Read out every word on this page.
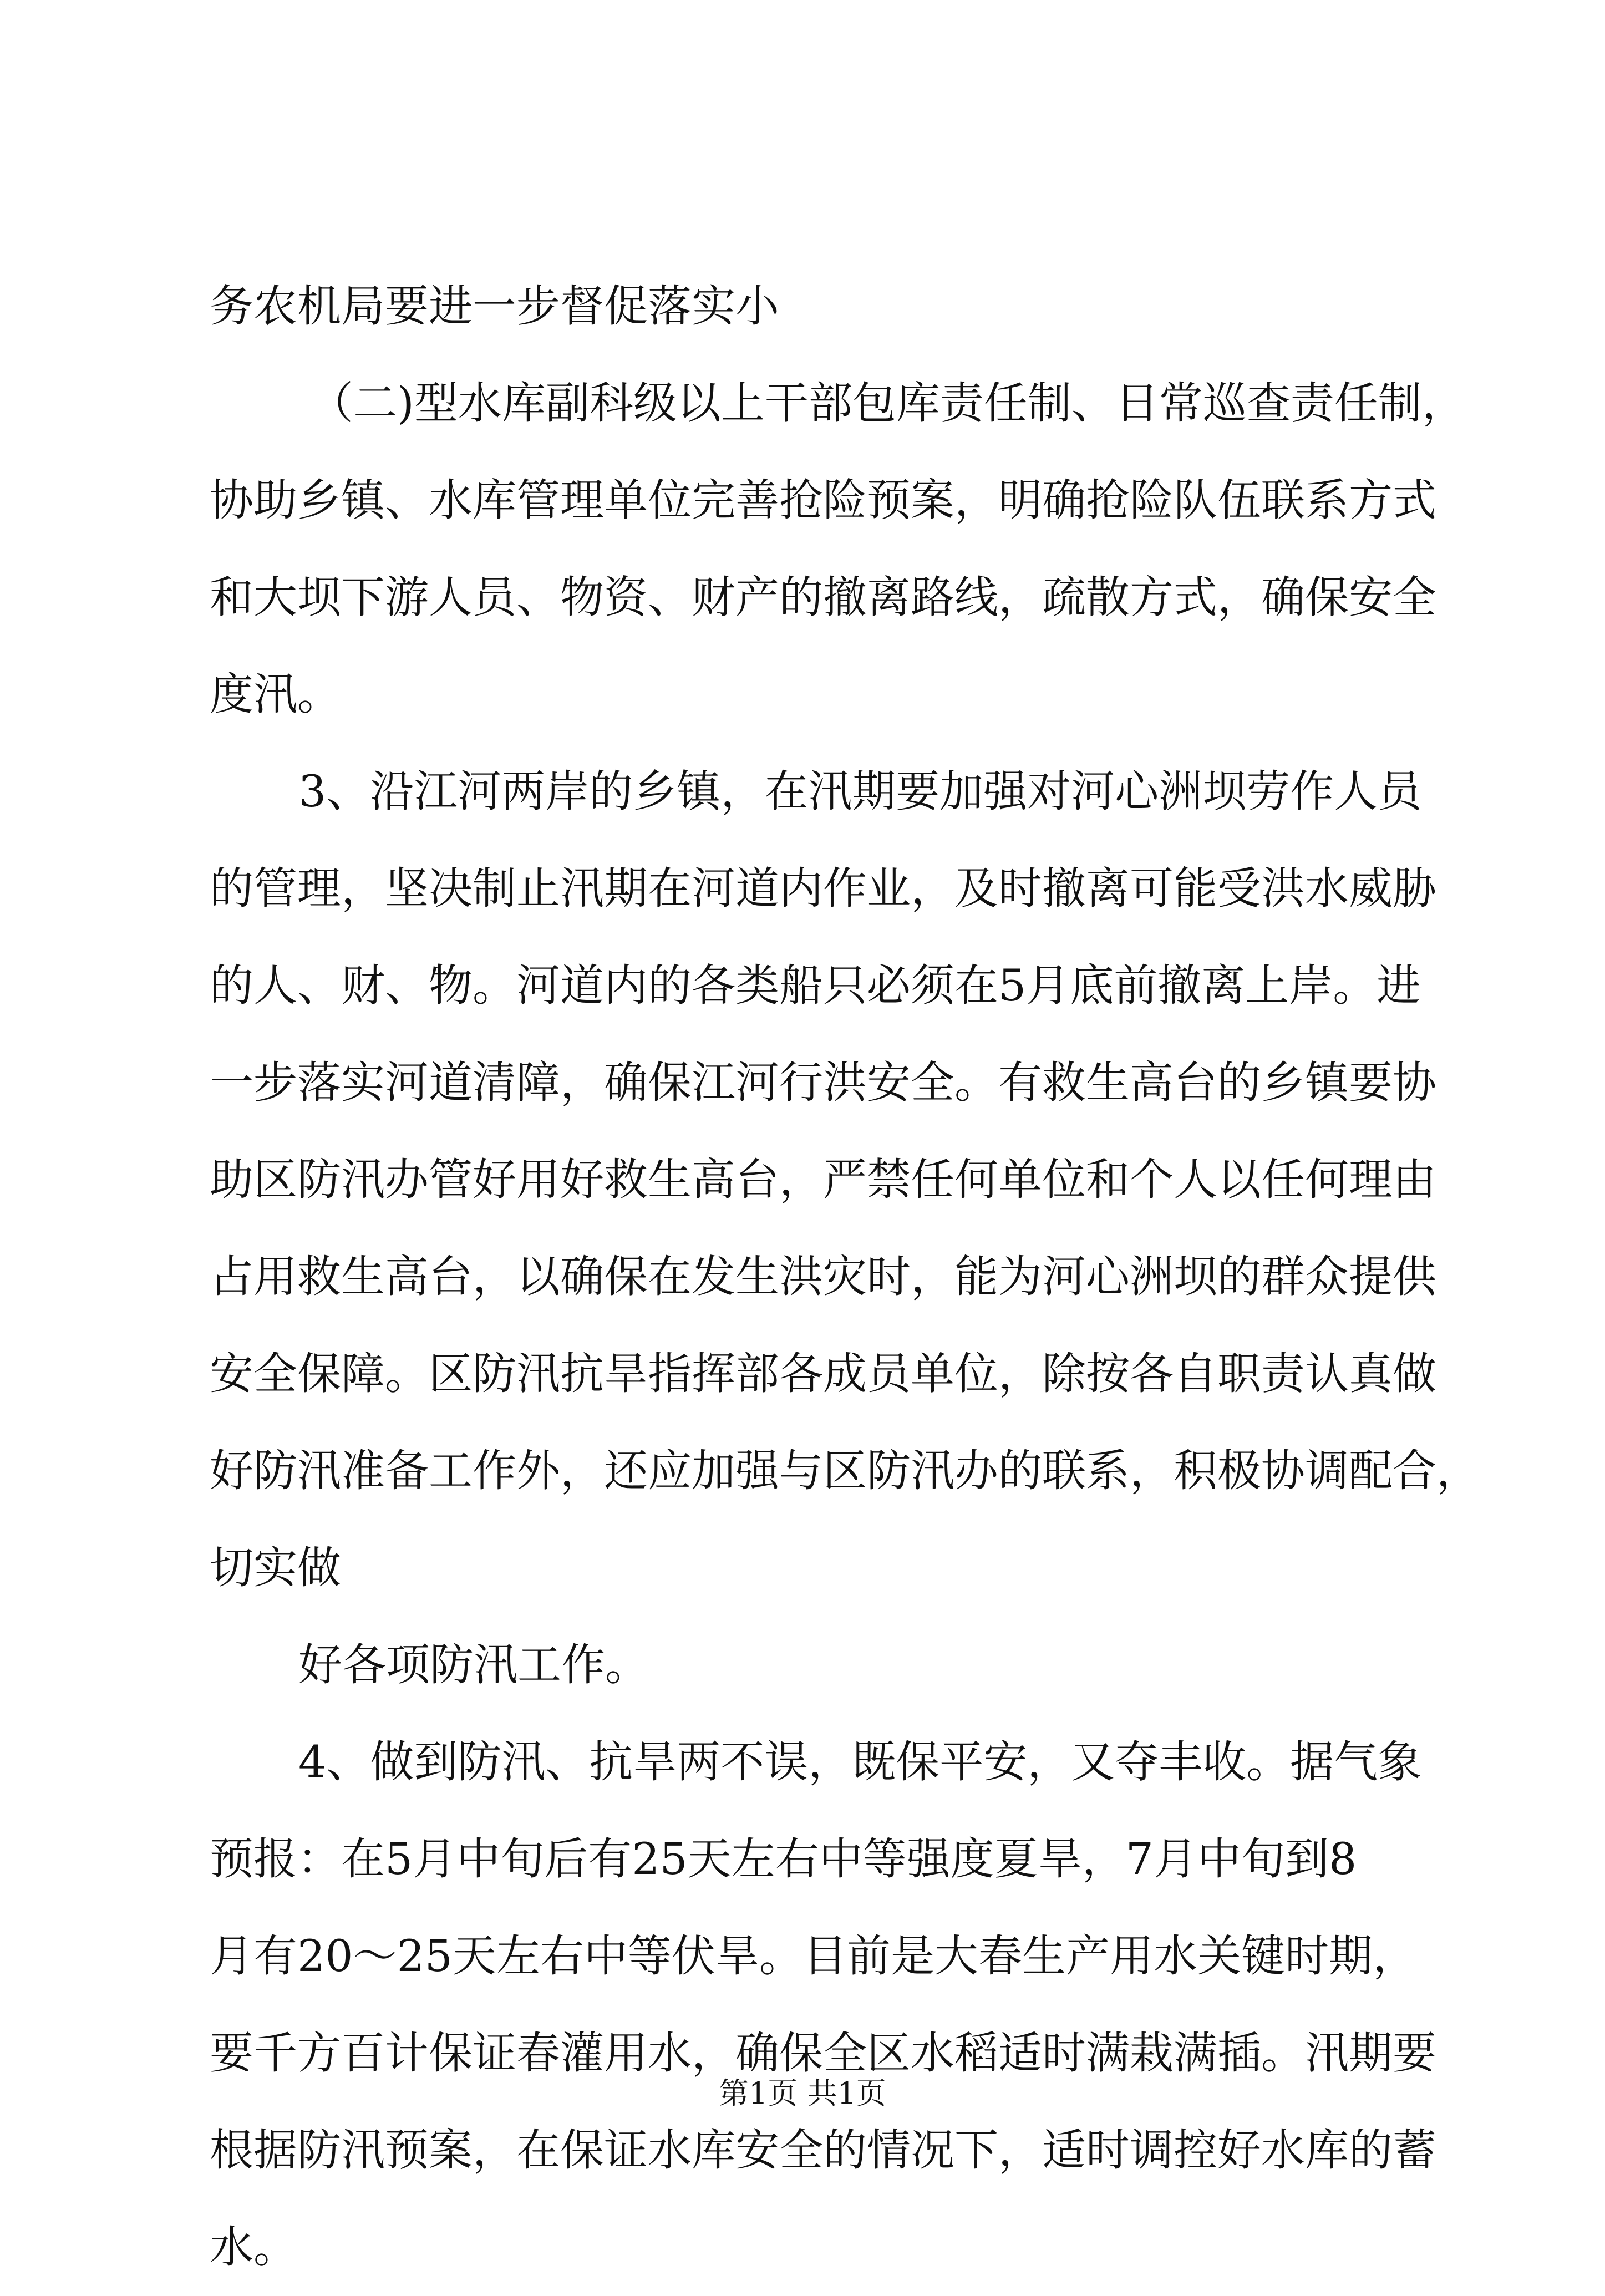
务农机局要进一步督促落实小
（二)型水库副科级以上干部包库责任制、日常巡查责任制，
协助乡镇、水库管理单位完善抢险预案，明确抢险队伍联系方式
和大坝下游人员、物资、财产的撤离路线，疏散方式，确保安全
度汛。
3、沿江河两岸的乡镇，在汛期要加强对河心洲坝劳作人员
的管理，坚决制止汛期在河道内作业，及时撤离可能受洪水威胁
的人、财、物。河道内的各类船只必须在5月底前撤离上岸。进
一步落实河道清障，确保江河行洪安全。有救生高台的乡镇要协
助区防汛办管好用好救生高台，严禁任何单位和个人以任何理由
占用救生高台，以确保在发生洪灾时，能为河心洲坝的群众提供
安全保障。区防汛抗旱指挥部各成员单位，除按各自职责认真做
好防汛准备工作外，还应加强与区防汛办的联系，积极协调配合，
切实做
好各项防汛工作。
4、做到防汛、抗旱两不误，既保平安，又夺丰收。据气象
预报：在5月中旬后有25天左右中等强度夏旱，7月中旬到8
月有20～25天左右中等伏旱。目前是大春生产用水关键时期，
要千方百计保证春灌用水，确保全区水稻适时满栽满插。汛期要
根据防汛预案，在保证水库安全的情况下，适时调控好水库的蓄
水。
第1页 共1页
